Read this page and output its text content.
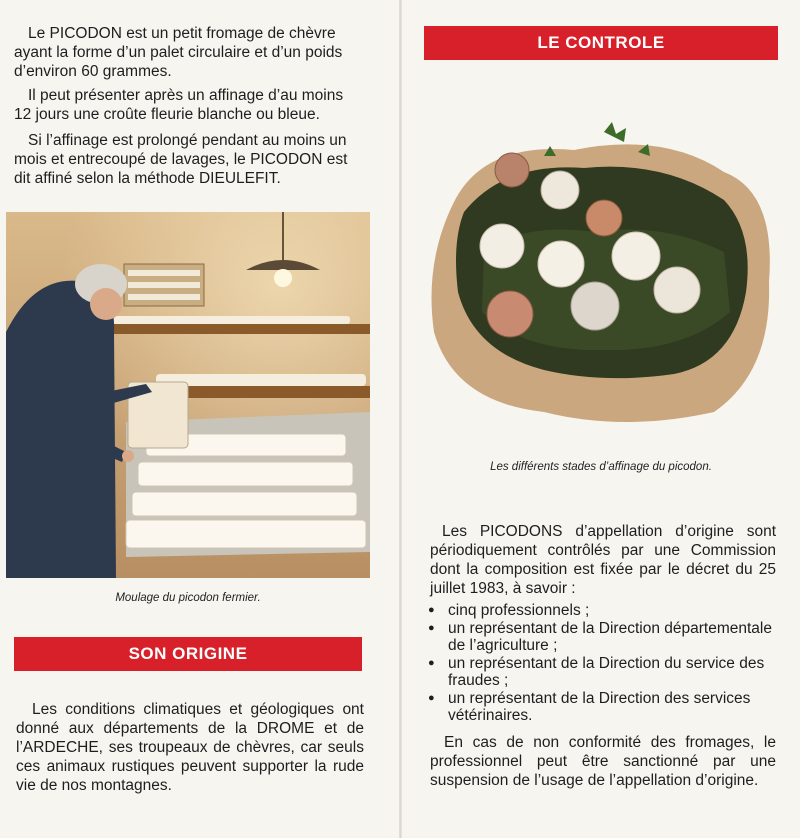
Le PICODON est un petit fromage de chèvre ayant la forme d’un palet circulaire et d’un poids d’environ 60 grammes.

Il peut présenter après un affinage d’au moins 12 jours une croûte fleurie blanche ou bleue.

Si l’affinage est prolongé pendant au moins un mois et entrecoupé de lavages, le PICODON est dit affiné selon la méthode DIEULEFIT.

Moulage du picodon fermier.
SON ORIGINE

Les conditions climatiques et géologiques ont donné aux départements de la DROME et de l’ARDECHE, ses troupeaux de chèvres, car seuls ces animaux rustiques peuvent supporter la rude vie de nos montagnes.

LE CONTROLE
Les différents stades d’affinage du picodon.

Les PICODONS d’appellation d’origine sont périodiquement contrôlés par une Commission dont la composition est fixée par le décret du 25 juillet 1983, à savoir :

● cinq professionnels ;
● un représentant de la Direction départementale de l’agriculture ;
● un représentant de la Direction du service des fraudes ;
● un représentant de la Direction des services vétérinaires.

En cas de non conformité des fromages, le professionnel peut être sanctionné par une suspension de l’usage de l’appellation d’origine.
